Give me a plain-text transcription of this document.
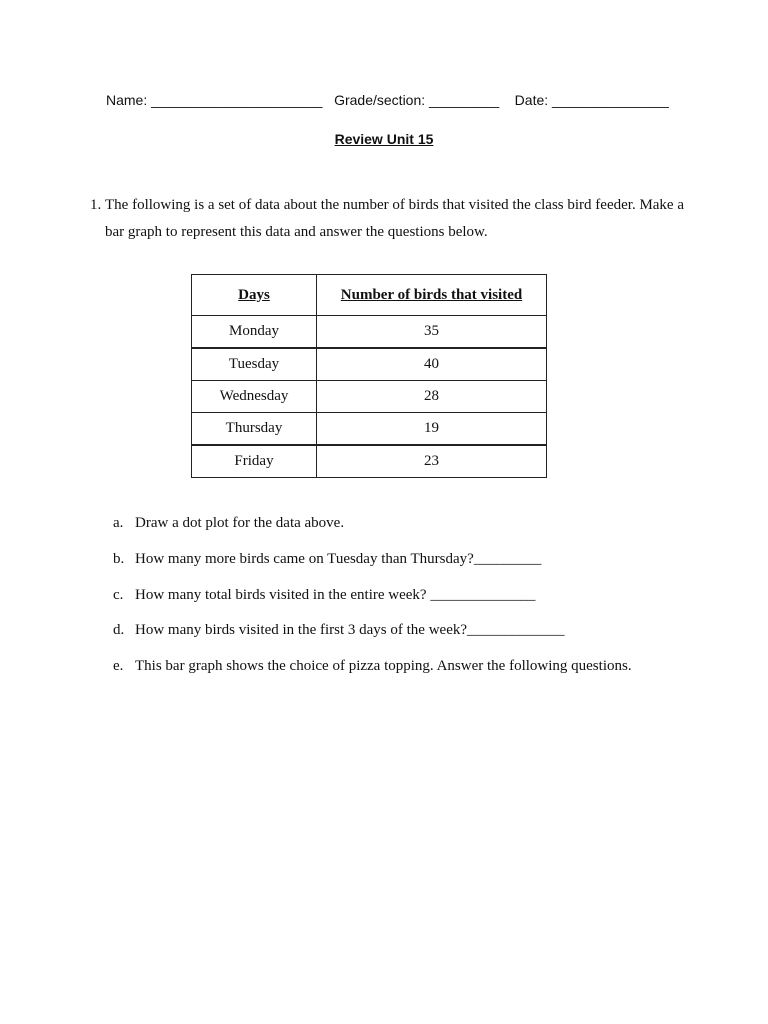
Name: ______________________ Grade/section: _________ Date: _______________
Review Unit 15
1. The following is a set of data about the number of birds that visited the class bird feeder. Make a bar graph to represent this data and answer the questions below.
Days	Number of birds that visited
Monday	35
Tuesday	40
Wednesday	28
Thursday	19
Friday	23
a. Draw a dot plot for the data above.
b. How many more birds came on Tuesday than Thursday?_________
c. How many total birds visited in the entire week? ______________
d. How many birds visited in the first 3 days of the week?_____________
e. This bar graph shows the choice of pizza topping. Answer the following questions.
